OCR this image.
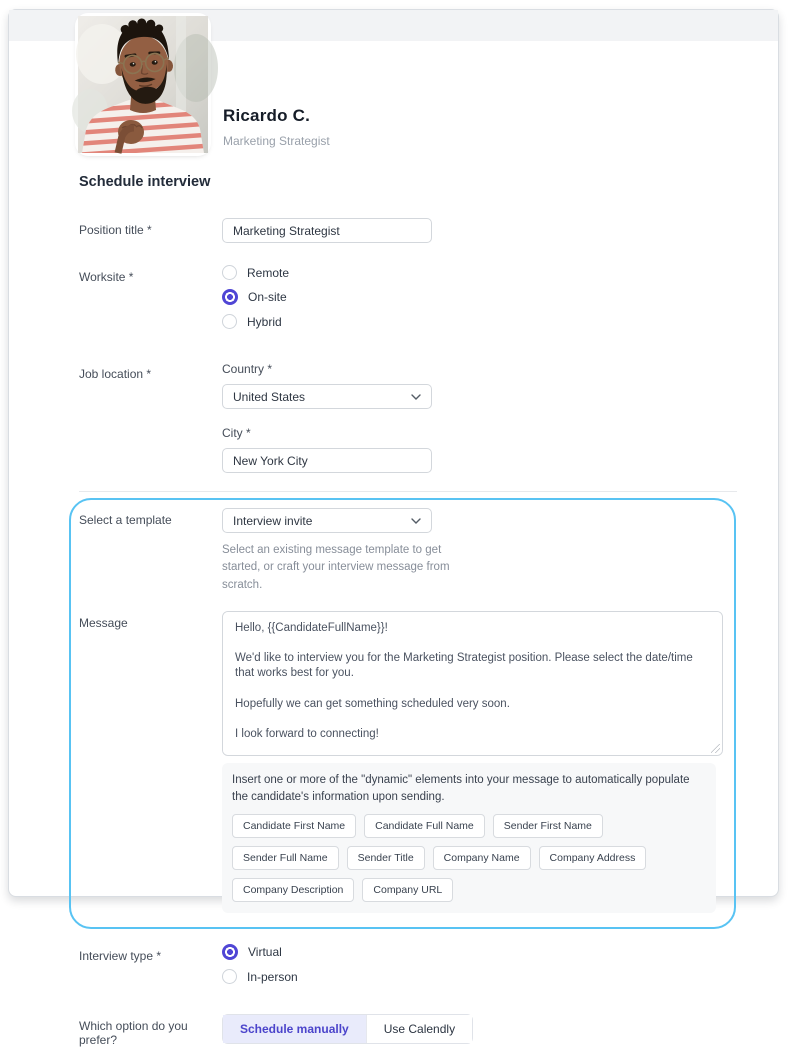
Ricardo C.
Marketing Strategist
Schedule interview
Position title *
Marketing Strategist
Worksite *	Remote
On-site
Hybrid
Job location *	Country *
United States
City *
New York City
Select a template	Interview invite
Select an existing message template to get started, or craft your interview message from scratch.
Message
Hello, {{CandidateFullName}}! We'd like to interview you for the Marketing Strategist position. Please select the date/time that works best for you. Hopefully we can get something scheduled very soon. I look forward to connecting! With appreciation, {{SenderFullName}}
Insert one or more of the "dynamic" elements into your message to automatically populate the candidate's information upon sending.
Candidate First Name	Candidate Full Name	Sender First Name
Sender Full Name	Sender Title	Company Name	Company Address
Company Description	Company URL
Interview type *	Virtual
In-person
Which option do you prefer?
Schedule manually	Use Calendly
